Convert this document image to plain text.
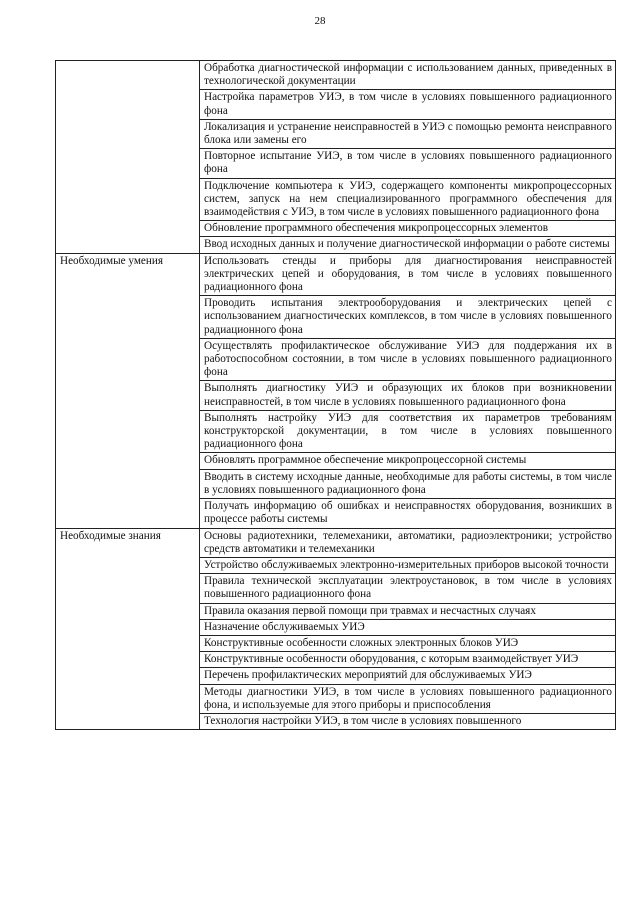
28
	Обработка диагностической информации с использованием данных, приведенных в технологической документации
	Настройка параметров УИЭ, в том числе в условиях повышенного радиационного фона
	Локализация и устранение неисправностей в УИЭ с помощью ремонта неисправного блока или замены его
	Повторное испытание УИЭ, в том числе в условиях повышенного радиационного фона
	Подключение компьютера к УИЭ, содержащего компоненты микропроцессорных систем, запуск на нем специализированного программного обеспечения для взаимодействия с УИЭ, в том числе в условиях повышенного радиационного фона
	Обновление программного обеспечения микропроцессорных элементов
	Ввод исходных данных и получение диагностической информации о работе системы
Необходимые умения	Использовать стенды и приборы для диагностирования неисправностей электрических цепей и оборудования, в том числе в условиях повышенного радиационного фона
	Проводить испытания электрооборудования и электрических цепей с использованием диагностических комплексов, в том числе в условиях повышенного радиационного фона
	Осуществлять профилактическое обслуживание УИЭ для поддержания их в работоспособном состоянии, в том числе в условиях повышенного радиационного фона
	Выполнять диагностику УИЭ и образующих их блоков при возникновении неисправностей, в том числе в условиях повышенного радиационного фона
	Выполнять настройку УИЭ для соответствия их параметров требованиям конструкторской документации, в том числе в условиях повышенного радиационного фона
	Обновлять программное обеспечение микропроцессорной системы
	Вводить в систему исходные данные, необходимые для работы системы, в том числе в условиях повышенного радиационного фона
	Получать информацию об ошибках и неисправностях оборудования, возникших в процессе работы системы
Необходимые знания	Основы радиотехники, телемеханики, автоматики, радиоэлектроники; устройство средств автоматики и телемеханики
	Устройство обслуживаемых электронно-измерительных приборов высокой точности
	Правила технической эксплуатации электроустановок, в том числе в условиях повышенного радиационного фона
	Правила оказания первой помощи при травмах и несчастных случаях
	Назначение обслуживаемых УИЭ
	Конструктивные особенности сложных электронных блоков УИЭ
	Конструктивные особенности оборудования, с которым взаимодействует УИЭ
	Перечень профилактических мероприятий для обслуживаемых УИЭ
	Методы диагностики УИЭ, в том числе в условиях повышенного радиационного фона, и используемые для этого приборы и приспособления
	Технология настройки УИЭ, в том числе в условиях повышенного
